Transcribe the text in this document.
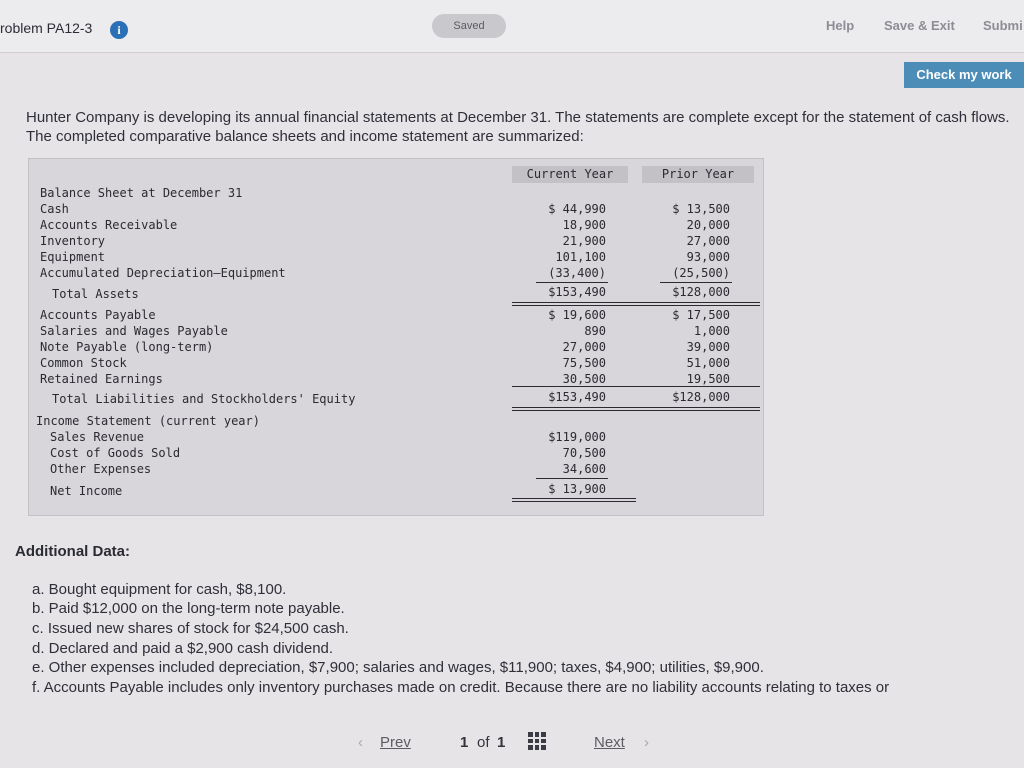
roblem PA12-3	i	Saved	Help Save & Exit Submi
Check my work
Hunter Company is developing its annual financial statements at December 31. The statements are complete except for the statement of cash flows. The completed comparative balance sheets and income statement are summarized:
Current Year	Prior Year
Balance Sheet at December 31
Cash	$ 44,990	$ 13,500
Accounts Receivable	18,900	20,000
Inventory	21,900	27,000
Equipment	101,100	93,000
Accumulated Depreciation—Equipment	(33,400)	(25,500)
Total Assets	$153,490	$128,000
Accounts Payable	$ 19,600	$ 17,500
Salaries and Wages Payable	890	1,000
Note Payable (long-term)	27,000	39,000
Common Stock	75,500	51,000
Retained Earnings	30,500	19,500
Total Liabilities and Stockholders' Equity	$153,490	$128,000
Income Statement (current year)
Sales Revenue	$119,000
Cost of Goods Sold	70,500
Other Expenses	34,600
Net Income	$ 13,900
Additional Data:
a. Bought equipment for cash, $8,100.
b. Paid $12,000 on the long-term note payable.
c. Issued new shares of stock for $24,500 cash.
d. Declared and paid a $2,900 cash dividend.
e. Other expenses included depreciation, $7,900; salaries and wages, $11,900; taxes, $4,900; utilities, $9,900.
f. Accounts Payable includes only inventory purchases made on credit. Because there are no liability accounts relating to taxes or
‹ Prev	1 of 1	Next ›
